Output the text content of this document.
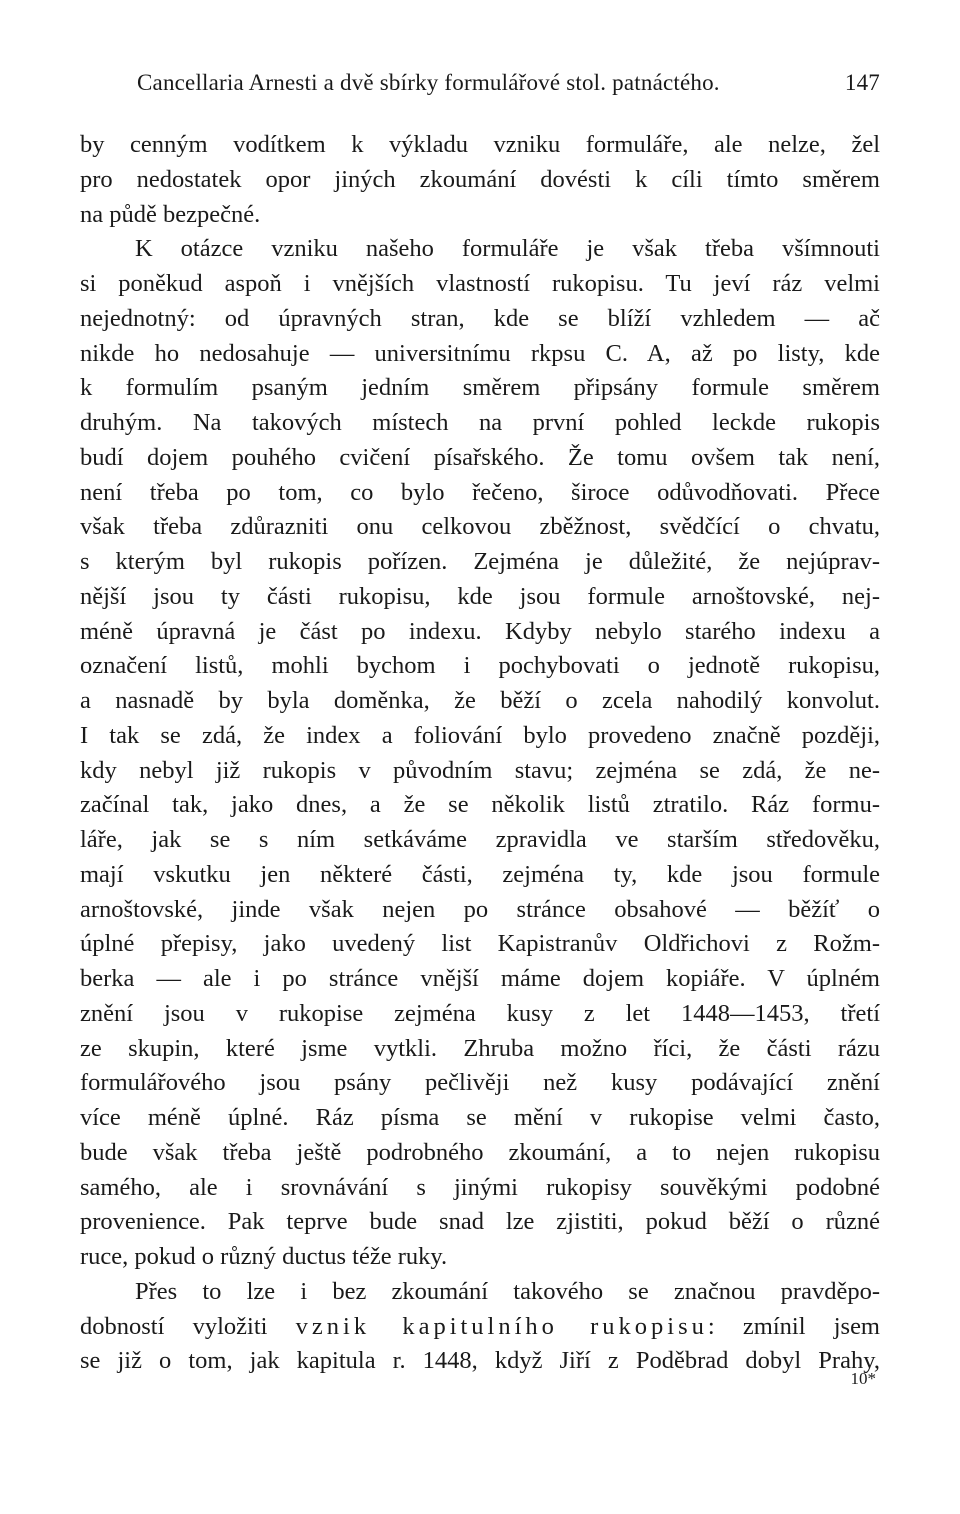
Cancellaria Arnesti a dvě sbírky formulářové stol. patnáctého.	147
by cenným vodítkem k výkladu vzniku formuláře, ale nelze, žel
pro nedostatek opor jiných zkoumání dovésti k cíli tímto směrem
na půdě bezpečné.
K otázce vzniku našeho formuláře je však třeba všímnouti
si poněkud aspoň i vnějších vlastností rukopisu. Tu jeví ráz velmi
nejednotný: od úpravných stran, kde se blíží vzhledem — ač
nikde ho nedosahuje — universitnímu rkpsu C. A, až po listy, kde
k formulím psaným jedním směrem připsány formule směrem
druhým. Na takových místech na první pohled leckde rukopis
budí dojem pouhého cvičení písařského. Že tomu ovšem tak není,
není třeba po tom, co bylo řečeno, široce odůvodňovati. Přece
však třeba zdůrazniti onu celkovou zběžnost, svědčící o chvatu,
s kterým byl rukopis pořízen. Zejména je důležité, že nejúprav-
nější jsou ty části rukopisu, kde jsou formule arnoštovské, nej-
méně úpravná je část po indexu. Kdyby nebylo starého indexu a
označení listů, mohli bychom i pochybovati o jednotě rukopisu,
a nasnadě by byla doměnka, že běží o zcela nahodilý konvolut.
I tak se zdá, že index a foliování bylo provedeno značně později,
kdy nebyl již rukopis v původním stavu; zejména se zdá, že ne-
začínal tak, jako dnes, a že se několik listů ztratilo. Ráz formu-
láře, jak se s ním setkáváme zpravidla ve starším středověku,
mají vskutku jen některé části, zejména ty, kde jsou formule
arnoštovské, jinde však nejen po stránce obsahové — běžíť o
úplné přepisy, jako uvedený list Kapistranův Oldřichovi z Rožm-
berka — ale i po stránce vnější máme dojem kopiáře. V úplném
znění jsou v rukopise zejména kusy z let 1448—1453, třetí
ze skupin, které jsme vytkli. Zhruba možno říci, že části rázu
formulářového jsou psány pečlivěji než kusy podávající znění
více méně úplné. Ráz písma se mění v rukopise velmi často,
bude však třeba ještě podrobného zkoumání, a to nejen rukopisu
samého, ale i srovnávání s jinými rukopisy souvěkými podobné
provenience. Pak teprve bude snad lze zjistiti, pokud běží o různé
ruce, pokud o různý ductus téže ruky.
Přes to lze i bez zkoumání takového se značnou pravděpo-
dobností vyložiti vznik kapitulního rukopisu: zmínil jsem
se již o tom, jak kapitula r. 1448, když Jiří z Poděbrad dobyl Prahy,
10*
